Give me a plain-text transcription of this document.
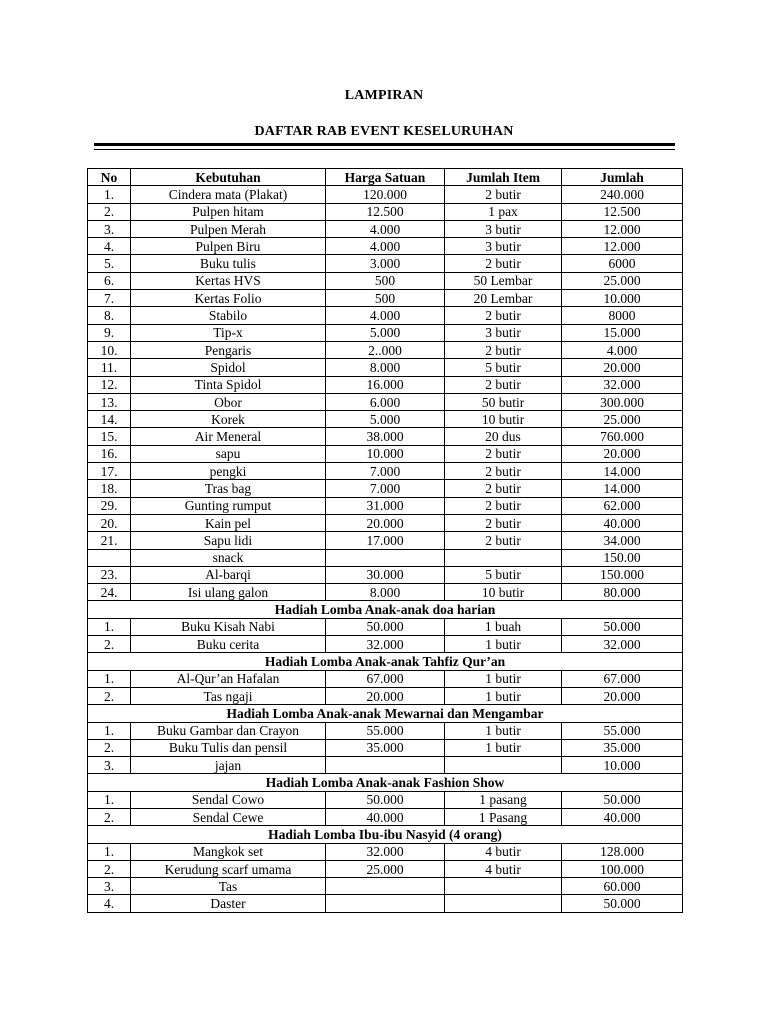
LAMPIRAN
DAFTAR RAB EVENT KESELURUHAN
No	Kebutuhan	Harga Satuan	Jumlah Item	Jumlah
1.	Cindera mata (Plakat)	120.000	2 butir	240.000
2.	Pulpen hitam	12.500	1 pax	12.500
3.	Pulpen Merah	4.000	3 butir	12.000
4.	Pulpen Biru	4.000	3 butir	12.000
5.	Buku tulis	3.000	2 butir	6000
6.	Kertas HVS	500	50 Lembar	25.000
7.	Kertas Folio	500	20 Lembar	10.000
8.	Stabilo	4.000	2 butir	8000
9.	Tip-x	5.000	3 butir	15.000
10.	Pengaris	2..000	2 butir	4.000
11.	Spidol	8.000	5 butir	20.000
12.	Tinta Spidol	16.000	2 butir	32.000
13.	Obor	6.000	50 butir	300.000
14.	Korek	5.000	10 butir	25.000
15.	Air Meneral	38.000	20 dus	760.000
16.	sapu	10.000	2 butir	20.000
17.	pengki	7.000	2 butir	14.000
18.	Tras bag	7.000	2 butir	14.000
29.	Gunting rumput	31.000	2 butir	62.000
20.	Kain pel	20.000	2 butir	40.000
21.	Sapu lidi	17.000	2 butir	34.000
	snack			150.00
23.	Al-barqi	30.000	5 butir	150.000
24.	Isi ulang galon	8.000	10 butir	80.000
Hadiah Lomba Anak-anak doa harian				
1.	Buku Kisah Nabi	50.000	1 buah	50.000
2.	Buku cerita	32.000	1 butir	32.000
Hadiah Lomba Anak-anak Tahfiz Qur’an				
1.	Al-Qur’an Hafalan	67.000	1 butir	67.000
2.	Tas ngaji	20.000	1 butir	20.000
Hadiah Lomba Anak-anak Mewarnai dan Mengambar				
1.	Buku Gambar dan Crayon	55.000	1 butir	55.000
2.	Buku Tulis dan pensil	35.000	1 butir	35.000
3.	jajan			10.000
Hadiah Lomba Anak-anak Fashion Show				
1.	Sendal Cowo	50.000	1 pasang	50.000
2.	Sendal Cewe	40.000	1 Pasang	40.000
Hadiah Lomba Ibu-ibu Nasyid (4 orang)				
1.	Mangkok set	32.000	4 butir	128.000
2.	Kerudung scarf umama	25.000	4 butir	100.000
3.	Tas			60.000
4.	Daster			50.000
